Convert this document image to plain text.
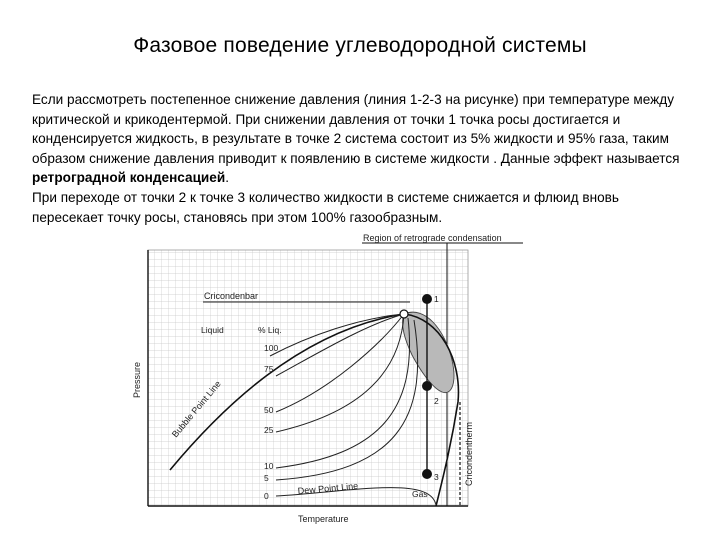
Фазовое поведение углеводородной системы

Если рассмотреть постепенное снижение давления (линия 1-2-3 на рисунке) при температуре между критической и крикодентермой. При снижении давления от точки 1 точка росы достигается и конденсируется жидкость, в результате в точке 2 система состоит из 5% жидкости и 95% газа, таким образом снижение давления приводит к появлению в системе жидкости . Данные эффект называется ретроградной конденсацией.

При переходе от точки 2 к точке 3 количество жидкости в системе снижается и флюид вновь пересекает точку росы, становясь при этом 100% газообразным.

Region of retrograde condensation
Cricondentherm
Cricondenbar
% Liq.
100
75
50
25
10
5
0
Liquid
Gas
Bubble Point Line
Dew Point Line
1
2
3
Pressure
Temperature
